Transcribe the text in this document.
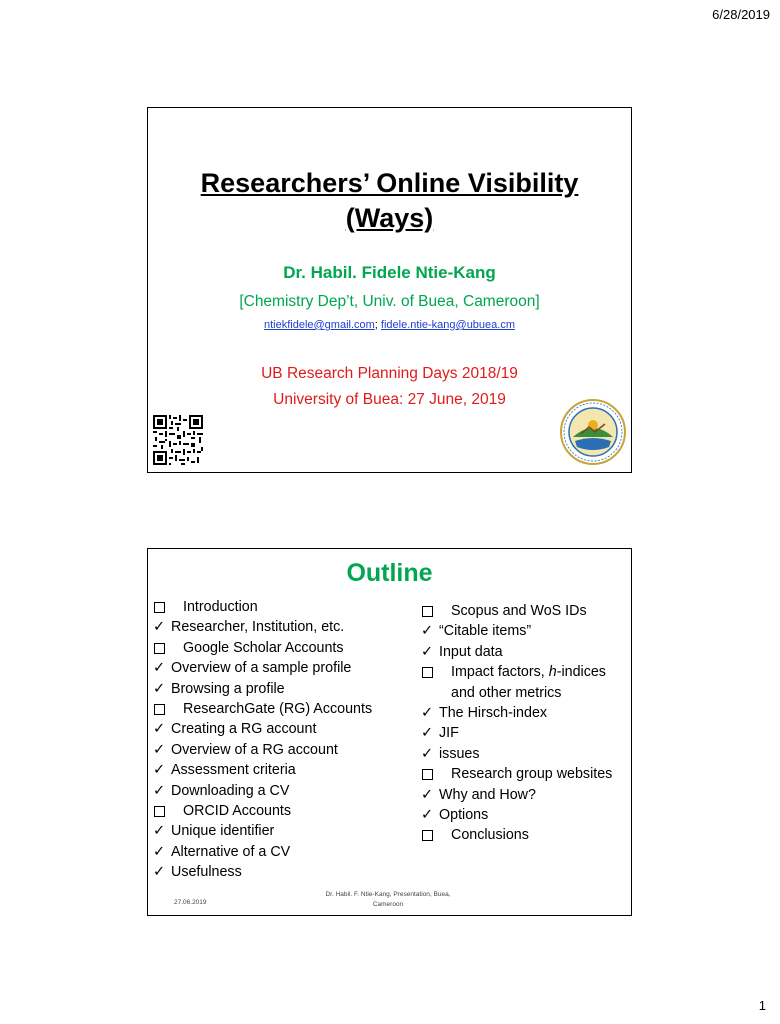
6/28/2019
Researchers’ Online Visibility
(Ways)
Dr. Habil. Fidele Ntie-Kang
[Chemistry Dep’t, Univ. of Buea, Cameroon]
ntiekfidele@gmail.com; fidele.ntie-kang@ubuea.cm
UB Research Planning Days 2018/19
University of Buea: 27 June, 2019
Outline
Introduction
✓ Researcher, Institution, etc.
Google Scholar Accounts
✓ Overview of a sample profile
✓ Browsing a profile
ResearchGate (RG) Accounts
✓ Creating a RG account
✓ Overview of a RG account
✓ Assessment criteria
✓ Downloading a CV
ORCID Accounts
✓ Unique identifier
✓ Alternative of a CV
✓ Usefulness
Scopus and WoS IDs
✓ “Citable items”
✓ Input data
Impact factors, h-indices and other metrics
✓ The Hirsch-index
✓ JIF
✓ issues
Research group websites
✓ Why and How?
✓ Options
Conclusions
27.06.2019
Dr. Habil. F. Ntie-Kang, Presentation, Buea,
Cameroon
1
